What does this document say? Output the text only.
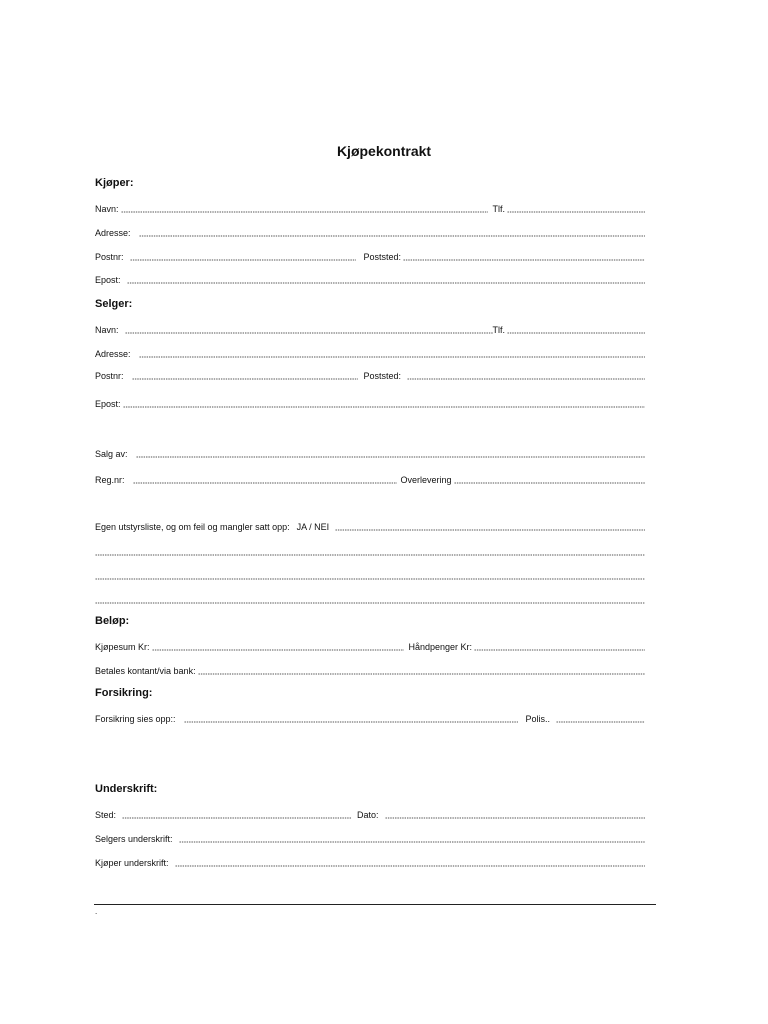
Kjøpekontrakt
Kjøper:
Navn:	Tlf.
Adresse:
Postnr:	Poststed:
Epost:
Selger:
Navn:	Tlf.
Adresse:
Postnr:	Poststed:
Epost:
Salg av:
Reg.nr:	Overlevering
Egen utstyrsliste, og om feil og mangler satt opp: JA / NEI
Beløp:
Kjøpesum Kr:	Håndpenger Kr:
Betales kontant/via bank:
Forsikring:
Forsikring sies opp::	Polis..
Underskrift:
Sted:	Dato:
Selgers underskrift:
Kjøper underskrift:
.
